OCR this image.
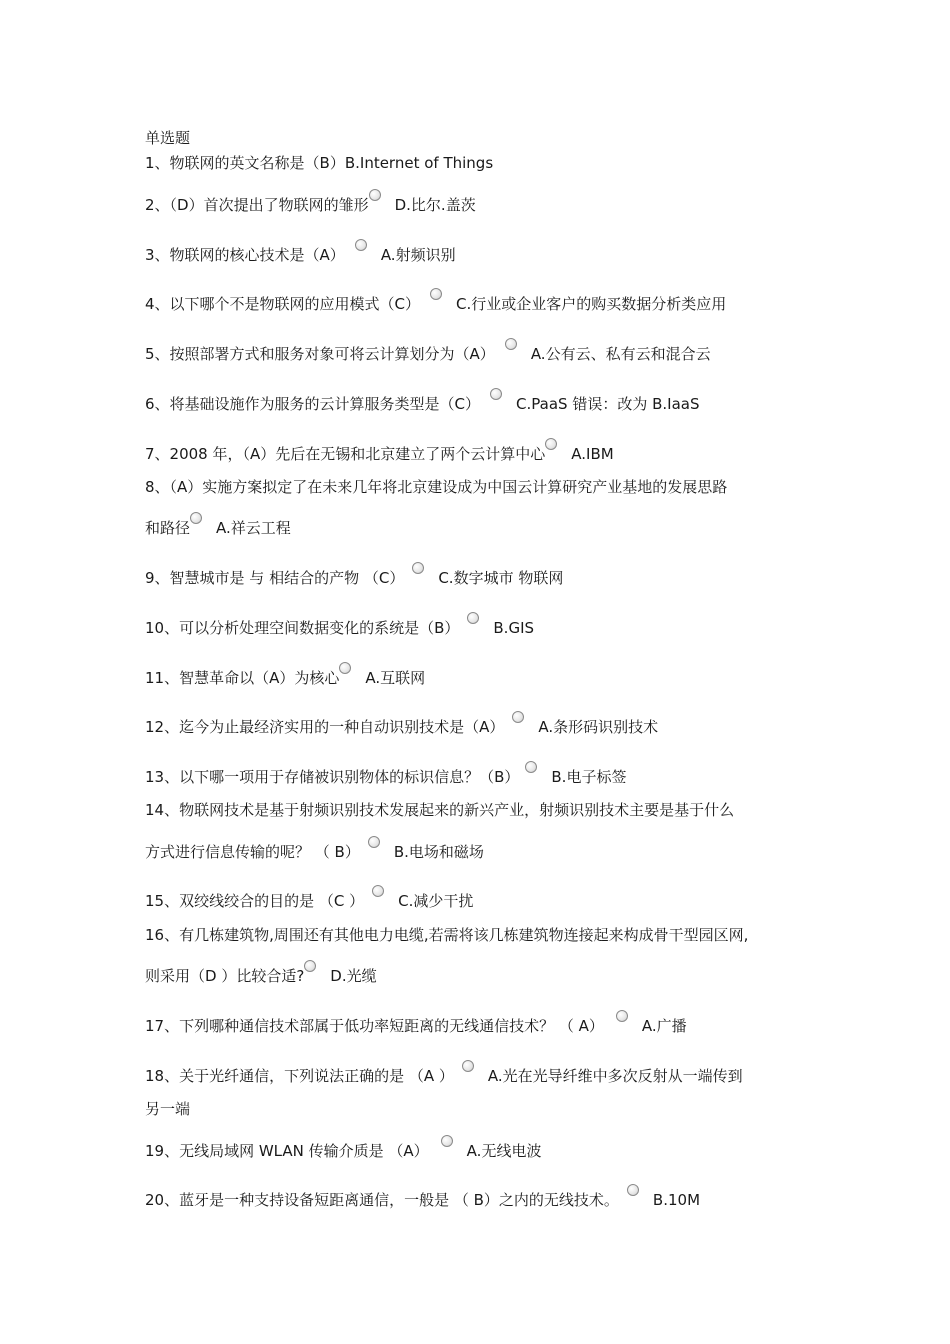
单选题
1、物联网的英文名称是（B）B.Internet of Things
2、（D）首次提出了物联网的雏形 D.比尔.盖茨
3、物联网的核心技术是（A） A.射频识别
4、以下哪个不是物联网的应用模式（C） C.行业或企业客户的购买数据分析类应用
5、按照部署方式和服务对象可将云计算划分为（A） A.公有云、私有云和混合云
6、将基础设施作为服务的云计算服务类型是（C） C.PaaS 错误：改为 B.IaaS
7、2008 年，（A）先后在无锡和北京建立了两个云计算中心 A.IBM
8、（A）实施方案拟定了在未来几年将北京建设成为中国云计算研究产业基地的发展思路
和路径 A.祥云工程
9、智慧城市是 与 相结合的产物 （C） C.数字城市 物联网
10、可以分析处理空间数据变化的系统是（B） B.GIS
11、智慧革命以（A）为核心 A.互联网
12、迄今为止最经济实用的一种自动识别技术是（A） A.条形码识别技术
13、以下哪一项用于存储被识别物体的标识信息？（B） B.电子标签
14、物联网技术是基于射频识别技术发展起来的新兴产业，射频识别技术主要是基于什么
方式进行信息传输的呢？ （ B） B.电场和磁场
15、双绞线绞合的目的是 （C ） C.减少干扰
16、有几栋建筑物,周围还有其他电力电缆,若需将该几栋建筑物连接起来构成骨干型园区网,
则采用（D ）比较合适? D.光缆
17、下列哪种通信技术部属于低功率短距离的无线通信技术？ （ A）	A.广播
18、关于光纤通信，下列说法正确的是 （A ） A.光在光导纤维中多次反射从一端传到
另一端
19、无线局域网 WLAN 传输介质是 （A）	A.无线电波
20、蓝牙是一种支持设备短距离通信，一般是 （ B）之内的无线技术。 B.10M
